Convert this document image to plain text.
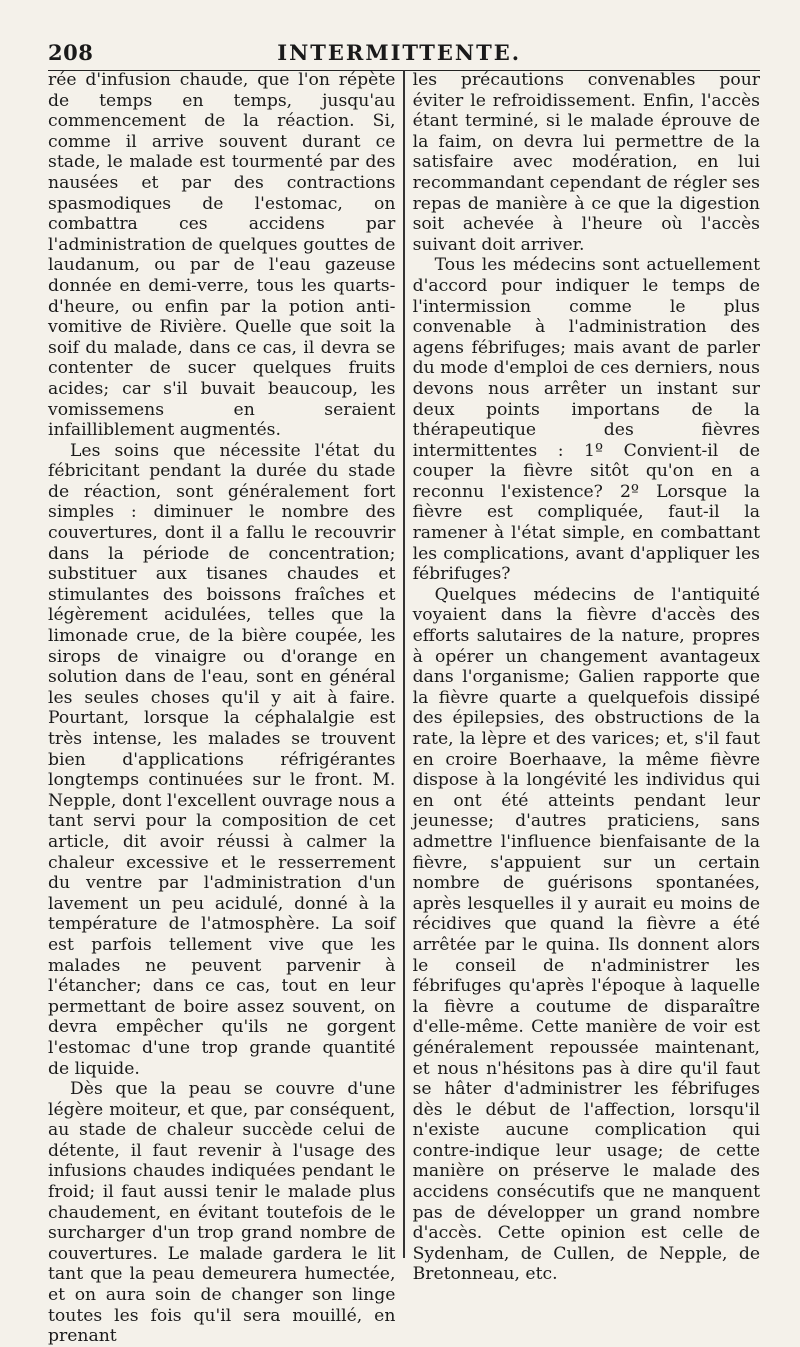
208	INTERMITTENTE.

rée d'infusion chaude, que l'on répète de temps en temps, jusqu'au commencement de la réaction. Si, comme il arrive souvent durant ce stade, le malade est tourmenté par des nausées et par des contractions spasmodiques de l'estomac, on combattra ces accidens par l'administration de quelques gouttes de laudanum, ou par de l'eau gazeuse donnée en demi-verre, tous les quarts-d'heure, ou enfin par la potion anti-vomitive de Rivière. Quelle que soit la soif du malade, dans ce cas, il devra se contenter de sucer quelques fruits acides; car s'il buvait beaucoup, les vomissemens en seraient infailliblement augmentés.

Les soins que nécessite l'état du fébricitant pendant la durée du stade de réaction, sont généralement fort simples : diminuer le nombre des couvertures, dont il a fallu le recouvrir dans la période de concentration; substituer aux tisanes chaudes et stimulantes des boissons fraîches et légèrement acidulées, telles que la limonade crue, de la bière coupée, les sirops de vinaigre ou d'orange en solution dans de l'eau, sont en général les seules choses qu'il y ait à faire. Pourtant, lorsque la céphalalgie est très intense, les malades se trouvent bien d'applications réfrigérantes longtemps continuées sur le front. M. Nepple, dont l'excellent ouvrage nous a tant servi pour la composition de cet article, dit avoir réussi à calmer la chaleur excessive et le resserrement du ventre par l'administration d'un lavement un peu acidulé, donné à la température de l'atmosphère. La soif est parfois tellement vive que les malades ne peuvent parvenir à l'étancher; dans ce cas, tout en leur permettant de boire assez souvent, on devra empêcher qu'ils ne gorgent l'estomac d'une trop grande quantité de liquide.

Dès que la peau se couvre d'une légère moiteur, et que, par conséquent, au stade de chaleur succède celui de détente, il faut revenir à l'usage des infusions chaudes indiquées pendant le froid; il faut aussi tenir le malade plus chaudement, en évitant toutefois de le surcharger d'un trop grand nombre de couvertures. Le malade gardera le lit tant que la peau demeurera humectée, et on aura soin de changer son linge toutes les fois qu'il sera mouillé, en prenant

les précautions convenables pour éviter le refroidissement. Enfin, l'accès étant terminé, si le malade éprouve de la faim, on devra lui permettre de la satisfaire avec modération, en lui recommandant cependant de régler ses repas de manière à ce que la digestion soit achevée à l'heure où l'accès suivant doit arriver.

Tous les médecins sont actuellement d'accord pour indiquer le temps de l'intermission comme le plus convenable à l'administration des agens fébrifuges; mais avant de parler du mode d'emploi de ces derniers, nous devons nous arrêter un instant sur deux points importans de la thérapeutique des fièvres intermittentes : 1º Convient-il de couper la fièvre sitôt qu'on en a reconnu l'existence? 2º Lorsque la fièvre est compliquée, faut-il la ramener à l'état simple, en combattant les complications, avant d'appliquer les fébrifuges?

Quelques médecins de l'antiquité voyaient dans la fièvre d'accès des efforts salutaires de la nature, propres à opérer un changement avantageux dans l'organisme; Galien rapporte que la fièvre quarte a quelquefois dissipé des épilepsies, des obstructions de la rate, la lèpre et des varices; et, s'il faut en croire Boerhaave, la même fièvre dispose à la longévité les individus qui en ont été atteints pendant leur jeunesse; d'autres praticiens, sans admettre l'influence bienfaisante de la fièvre, s'appuient sur un certain nombre de guérisons spontanées, après lesquelles il y aurait eu moins de récidives que quand la fièvre a été arrêtée par le quina. Ils donnent alors le conseil de n'administrer les fébrifuges qu'après l'époque à laquelle la fièvre a coutume de disparaître d'elle-même. Cette manière de voir est généralement repoussée maintenant, et nous n'hésitons pas à dire qu'il faut se hâter d'administrer les fébrifuges dès le début de l'affection, lorsqu'il n'existe aucune complication qui contre-indique leur usage; de cette manière on préserve le malade des accidens consécutifs que ne manquent pas de développer un grand nombre d'accès. Cette opinion est celle de Sydenham, de Cullen, de Nepple, de Bretonneau, etc.
